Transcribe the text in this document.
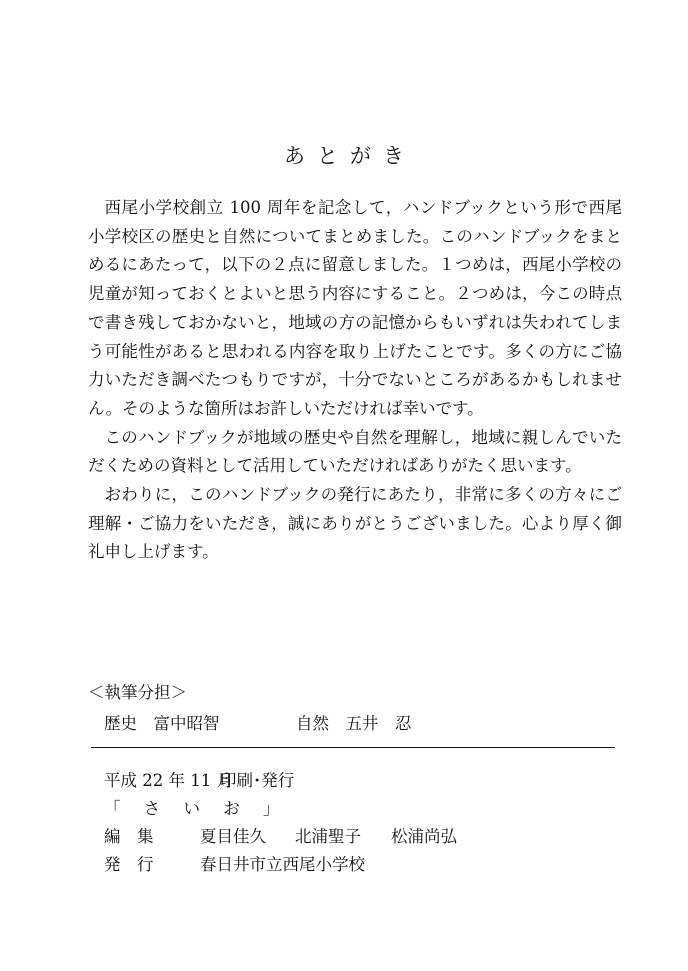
あとがき

西尾小学校創立 100 周年を記念して，ハンドブックという形で西尾小学校区の歴史と自然についてまとめました。このハンドブックをまとめるにあたって，以下の２点に留意しました。１つめは，西尾小学校の児童が知っておくとよいと思う内容にすること。２つめは，今この時点で書き残しておかないと，地域の方の記憶からもいずれは失われてしまう可能性があると思われる内容を取り上げたことです。多くの方にご協力いただき調べたつもりですが，十分でないところがあるかもしれません。そのような箇所はお許しいただければ幸いです。

このハンドブックが地域の歴史や自然を理解し，地域に親しんでいただくための資料として活用していただければありがたく思います。

おわりに，このハンドブックの発行にあたり，非常に多くの方々にご理解・ご協力をいただき，誠にありがとうございました。心より厚く御礼申し上げます。

＜執筆分担＞
歴史　富中昭智	自然　五井　忍
平成 22 年 11 月
印刷･発行
「 さ い お 」
編　集	夏目佳久 北浦聖子 松浦尚弘
発　行	春日井市立西尾小学校
